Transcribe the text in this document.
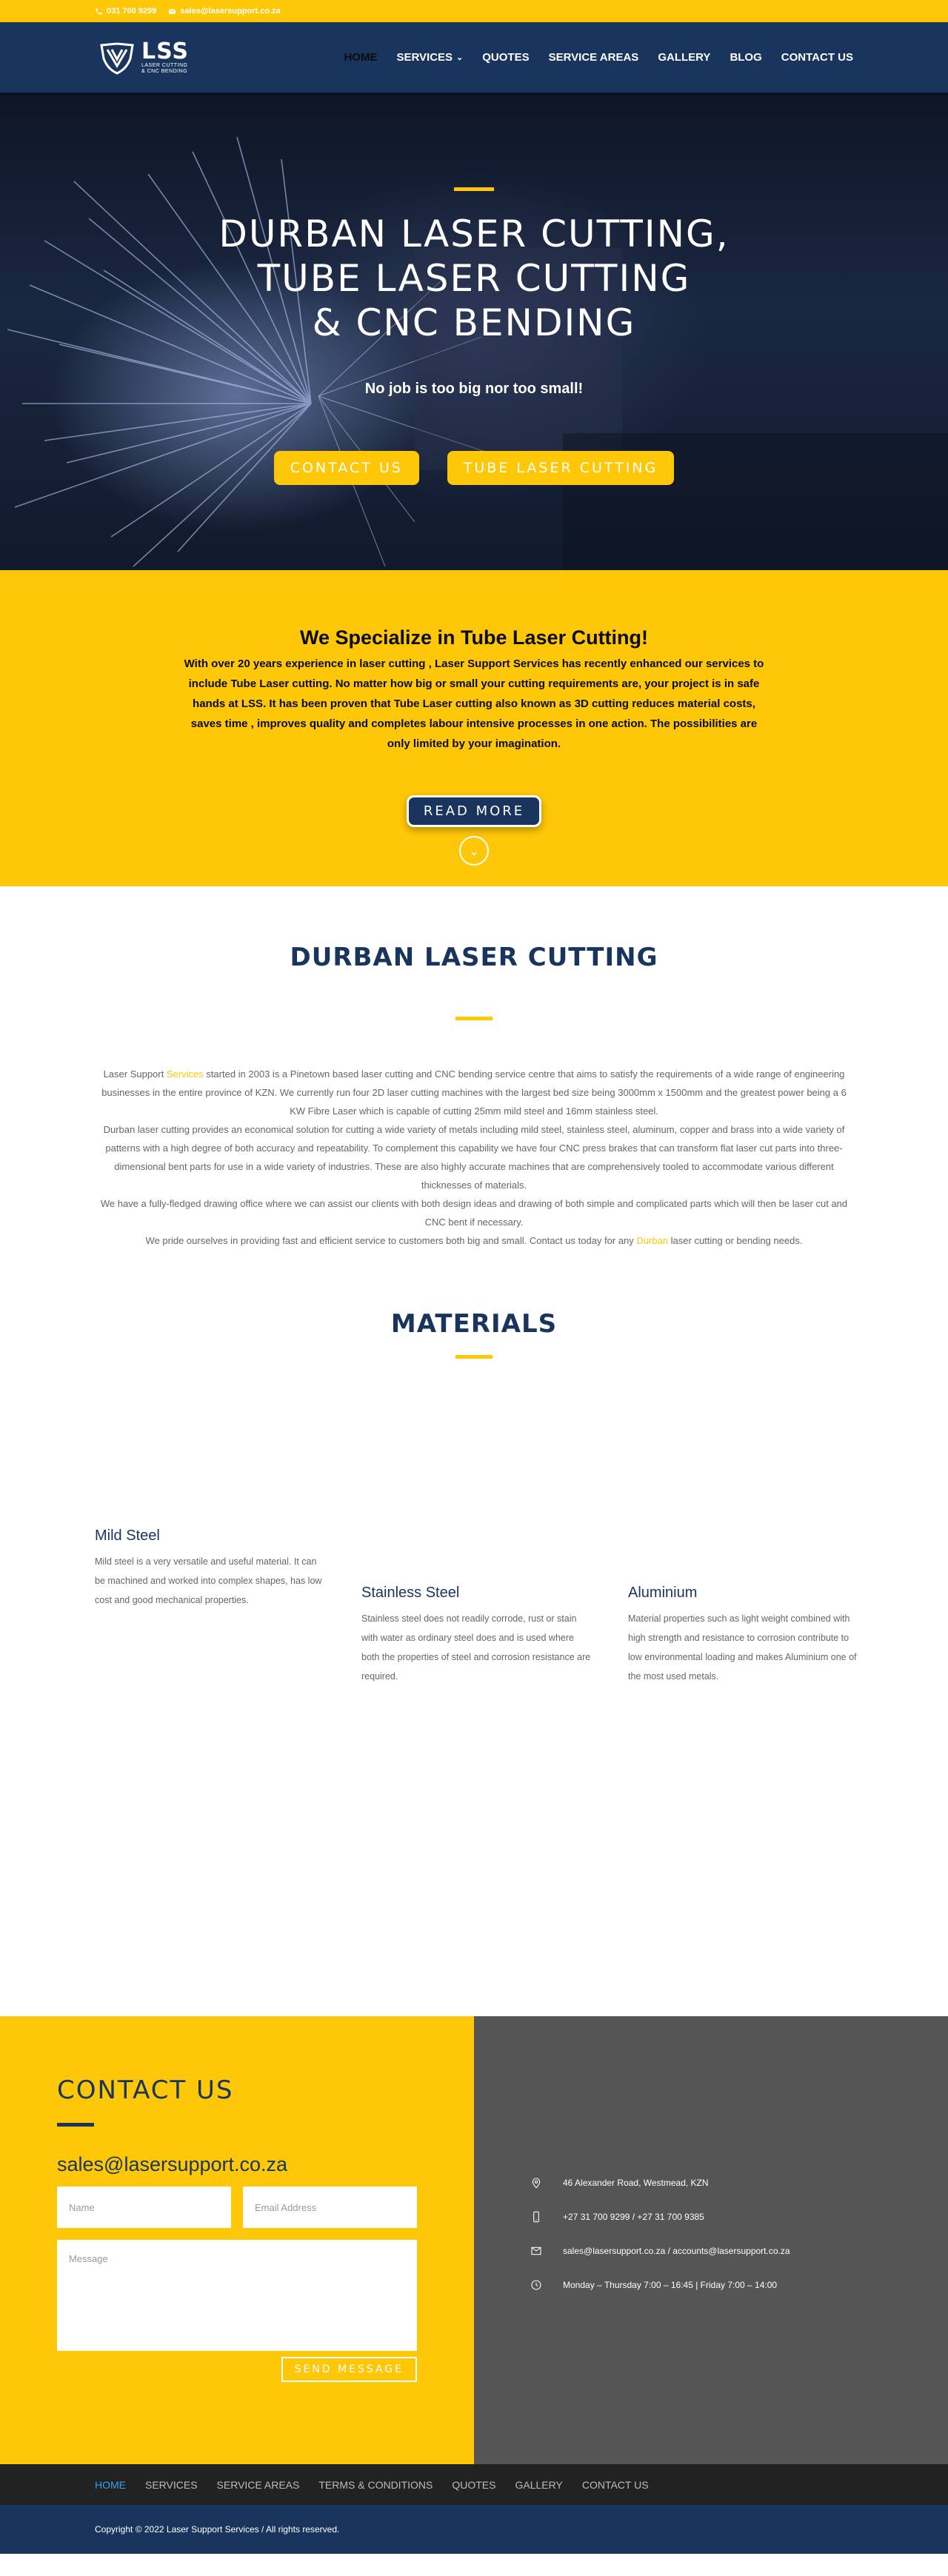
031 700 9299	sales@lasersupport.co.za
LSS
LASER CUTTING
& CNC BENDING
HOME SERVICES ⌄ QUOTES SERVICE AREAS GALLERY BLOG CONTACT US
DURBAN LASER CUTTING,
TUBE LASER CUTTING
& CNC BENDING
No job is too big nor too small!
CONTACT US	TUBE LASER CUTTING
We Specialize in Tube Laser Cutting!

With over 20 years experience in laser cutting , Laser Support Services has recently enhanced our services to include Tube Laser cutting. No matter how big or small your cutting requirements are, your project is in safe hands at LSS. It has been proven that Tube Laser cutting also known as 3D cutting reduces material costs, saves time , improves quality and completes labour intensive processes in one action. The possibilities are only limited by your imagination.

READ MORE
⌄
DURBAN LASER CUTTING

Laser Support Services started in 2003 is a Pinetown based laser cutting and CNC bending service centre that aims to satisfy the requirements of a wide range of engineering businesses in the entire province of KZN. We currently run four 2D laser cutting machines with the largest bed size being 3000mm x 1500mm and the greatest power being a 6 KW Fibre Laser which is capable of cutting 25mm mild steel and 16mm stainless steel.

Durban laser cutting provides an economical solution for cutting a wide variety of metals including mild steel, stainless steel, aluminum, copper and brass into a wide variety of patterns with a high degree of both accuracy and repeatability. To complement this capability we have four CNC press brakes that can transform flat laser cut parts into three-dimensional bent parts for use in a wide variety of industries. These are also highly accurate machines that are comprehensively tooled to accommodate various different thicknesses of materials.

We have a fully-fledged drawing office where we can assist our clients with both design ideas and drawing of both simple and complicated parts which will then be laser cut and CNC bent if necessary.

We pride ourselves in providing fast and efficient service to customers both big and small. Contact us today for any Durban laser cutting or bending needs.

MATERIALS
Mild Steel

Mild steel is a very versatile and useful material. It can be machined and worked into complex shapes, has low cost and good mechanical properties.	Stainless Steel

Stainless steel does not readily corrode, rust or stain with water as ordinary steel does and is used where both the properties of steel and corrosion resistance are required.

Aluminium

Material properties such as light weight combined with high strength and resistance to corrosion contribute to low environmental loading and makes Aluminium one of the most used metals.

CONTACT US
sales@lasersupport.co.za
Name	Email Address
Message
SEND MESSAGE
46 Alexander Road, Westmead, KZN
+27 31 700 9299 / +27 31 700 9385
sales@lasersupport.co.za / accounts@lasersupport.co.za
Monday – Thursday 7:00 – 16:45 | Friday 7:00 – 14:00
HOME SERVICES SERVICE AREAS TERMS & CONDITIONS QUOTES GALLERY CONTACT US
Copyright © 2022 Laser Support Services / All rights reserved.
